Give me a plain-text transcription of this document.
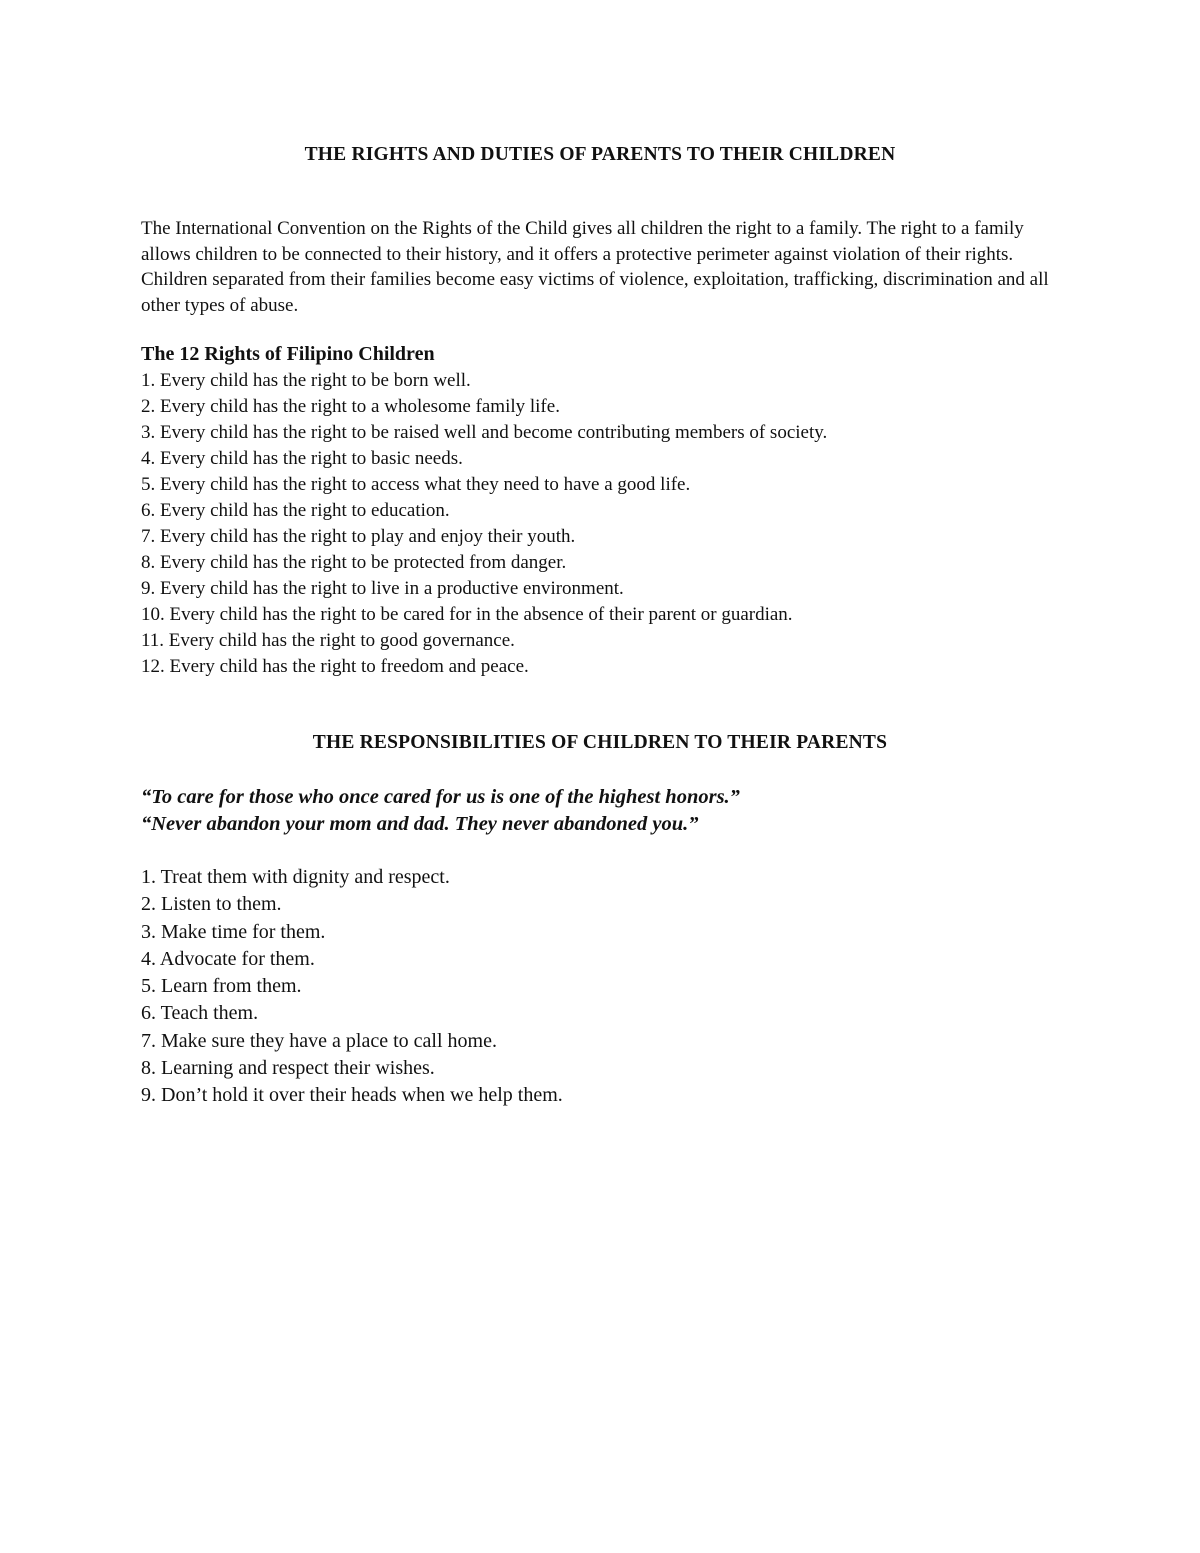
THE RIGHTS AND DUTIES OF PARENTS TO THEIR CHILDREN

The International Convention on the Rights of the Child gives all children the right to a family. The right to a family allows children to be connected to their history, and it offers a protective perimeter against violation of their rights. Children separated from their families become easy victims of violence, exploitation, trafficking, discrimination and all other types of abuse.

The 12 Rights of Filipino Children
1. Every child has the right to be born well.
2. Every child has the right to a wholesome family life.
3. Every child has the right to be raised well and become contributing members of society.
4. Every child has the right to basic needs.
5. Every child has the right to access what they need to have a good life.
6. Every child has the right to education.
7. Every child has the right to play and enjoy their youth.
8. Every child has the right to be protected from danger.
9. Every child has the right to live in a productive environment.
10. Every child has the right to be cared for in the absence of their parent or guardian.
11. Every child has the right to good governance.
12. Every child has the right to freedom and peace.
THE RESPONSIBILITIES OF CHILDREN TO THEIR PARENTS
“To care for those who once cared for us is one of the highest honors.”
“Never abandon your mom and dad. They never abandoned you.”
1. Treat them with dignity and respect.
2. Listen to them.
3. Make time for them.
4. Advocate for them.
5. Learn from them.
6. Teach them.
7. Make sure they have a place to call home.
8. Learning and respect their wishes.
9. Don’t hold it over their heads when we help them.
